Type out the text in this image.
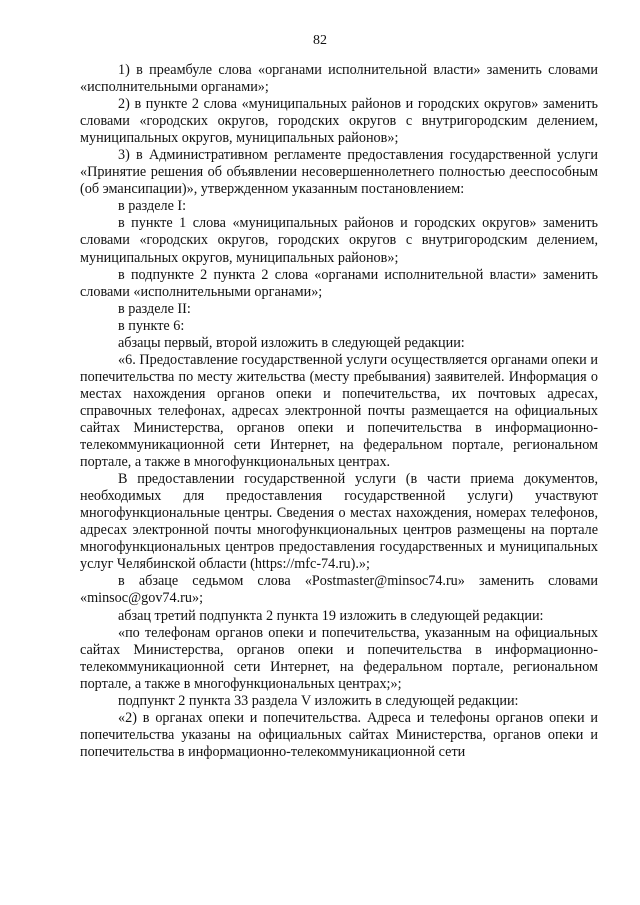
82

1) в преамбуле слова «органами исполнительной власти» заменить словами «исполнительными органами»;

2) в пункте 2 слова «муниципальных районов и городских округов» заменить словами «городских округов, городских округов с внутригородским делением, муниципальных округов, муниципальных районов»;

3) в Административном регламенте предоставления государственной услуги «Принятие решения об объявлении несовершеннолетнего полностью дееспособным (об эмансипации)», утвержденном указанным постановлением:

в разделе I:

в пункте 1 слова «муниципальных районов и городских округов» заменить словами «городских округов, городских округов с внутригородским делением, муниципальных округов, муниципальных районов»;

в подпункте 2 пункта 2 слова «органами исполнительной власти» заменить словами «исполнительными органами»;

в разделе II:

в пункте 6:

абзацы первый, второй изложить в следующей редакции:

«6. Предоставление государственной услуги осуществляется органами опеки и попечительства по месту жительства (месту пребывания) заявителей. Информация о местах нахождения органов опеки и попечительства, их почтовых адресах, справочных телефонах, адресах электронной почты размещается на официальных сайтах Министерства, органов опеки и попечительства в информационно-телекоммуникационной сети Интернет, на федеральном портале, региональном портале, а также в многофункциональных центрах.

В предоставлении государственной услуги (в части приема документов, необходимых для предоставления государственной услуги) участвуют многофункциональные центры. Сведения о местах нахождения, номерах телефонов, адресах электронной почты многофункциональных центров размещены на портале многофункциональных центров предоставления государственных и муниципальных услуг Челябинской области (https://mfc-74.ru).»;

в абзаце седьмом слова «Postmaster@minsoc74.ru» заменить словами «minsoc@gov74.ru»;

абзац третий подпункта 2 пункта 19 изложить в следующей редакции:

«по телефонам органов опеки и попечительства, указанным на официальных сайтах Министерства, органов опеки и попечительства в информационно-телекоммуникационной сети Интернет, на федеральном портале, региональном портале, а также в многофункциональных центрах;»;

подпункт 2 пункта 33 раздела V изложить в следующей редакции:

«2) в органах опеки и попечительства. Адреса и телефоны органов опеки и попечительства указаны на официальных сайтах Министерства, органов опеки и попечительства в информационно-телекоммуникационной сети
